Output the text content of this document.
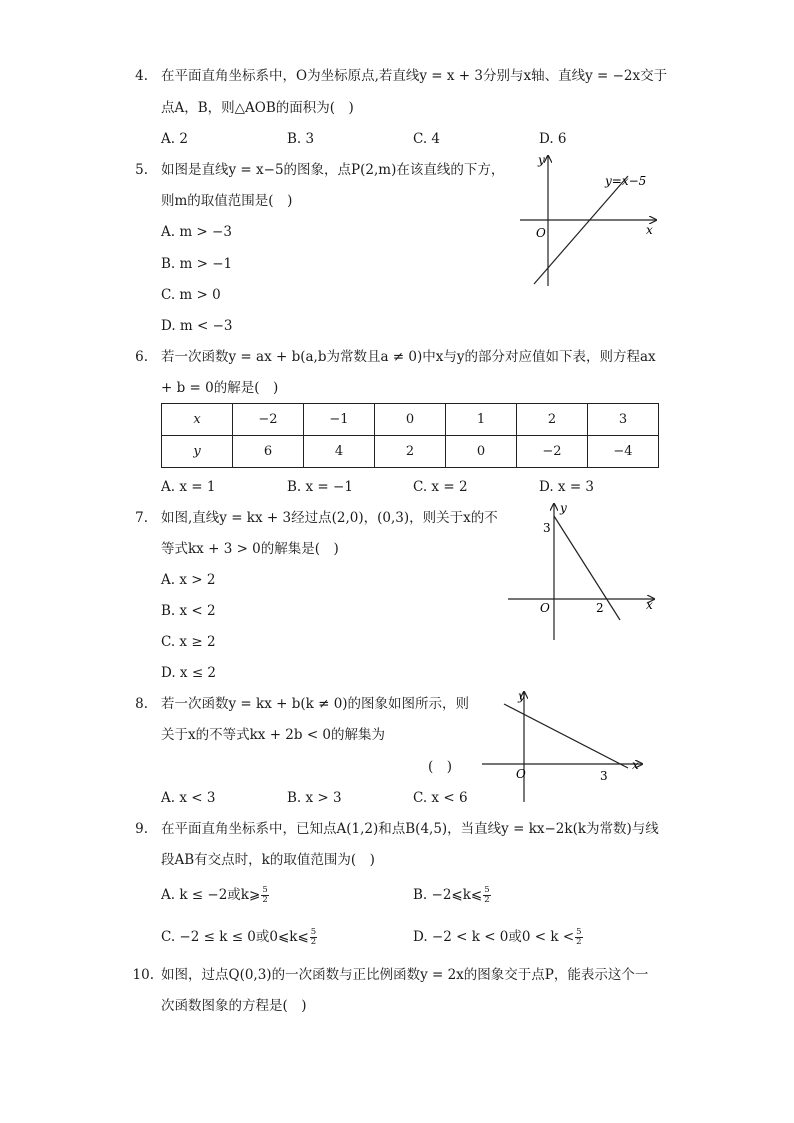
4. 在平面直角坐标系中，O为坐标原点,若直线y = x + 3分别与x轴、直线y = −2x交于
点A，B，则△AOB的面积为(　)
A. 2	B. 3	C. 4	D. 6
5. 如图是直线y = x−5的图象，点P(2,m)在该直线的下方，
则m的取值范围是(　)
A. m > −3
B. m > −1
C. m > 0
D. m < −3
y
x
O
y=x−5
6. 若一次函数y = ax + b(a,b为常数且a ≠ 0)中x与y的部分对应值如下表，则方程ax
+ b = 0的解是(　)
x	−2	−1	0	1	2	3
y	6	4	2	0	−2	−4
A. x = 1	B. x = −1	C. x = 2	D. x = 3
7. 如图,直线y = kx + 3经过点(2,0)，(0,3)，则关于x的不
等式kx + 3 > 0的解集是(　)
A. x > 2
B. x < 2
C. x ≥ 2
D. x ≤ 2
y
3
O	2	x
8. 若一次函数y = kx + b(k ≠ 0)的图象如图所示，则
关于x的不等式kx + 2b < 0的解集为
(　)
A. x < 3	B. x > 3	C. x < 6
y
O	3
x
9. 在平面直角坐标系中，已知点A(1,2)和点B(4,5)，当直线y = kx−2k(k为常数)与线
段AB有交点时，k的取值范围为(　)
A. k ≤ −2或k⩾ $\frac{5}{2}$	B. −2⩽k⩽ $\frac{5}{2}$
C. −2 ≤ k ≤ 0或0⩽k⩽ $\frac{5}{2}$	D. −2 < k < 0或$0 < k < \frac{5}{2}$
10. 如图，过点Q(0,3)的一次函数与正比例函数y = 2x的图象交于点P，能表示这个一
次函数图象的方程是(　)
